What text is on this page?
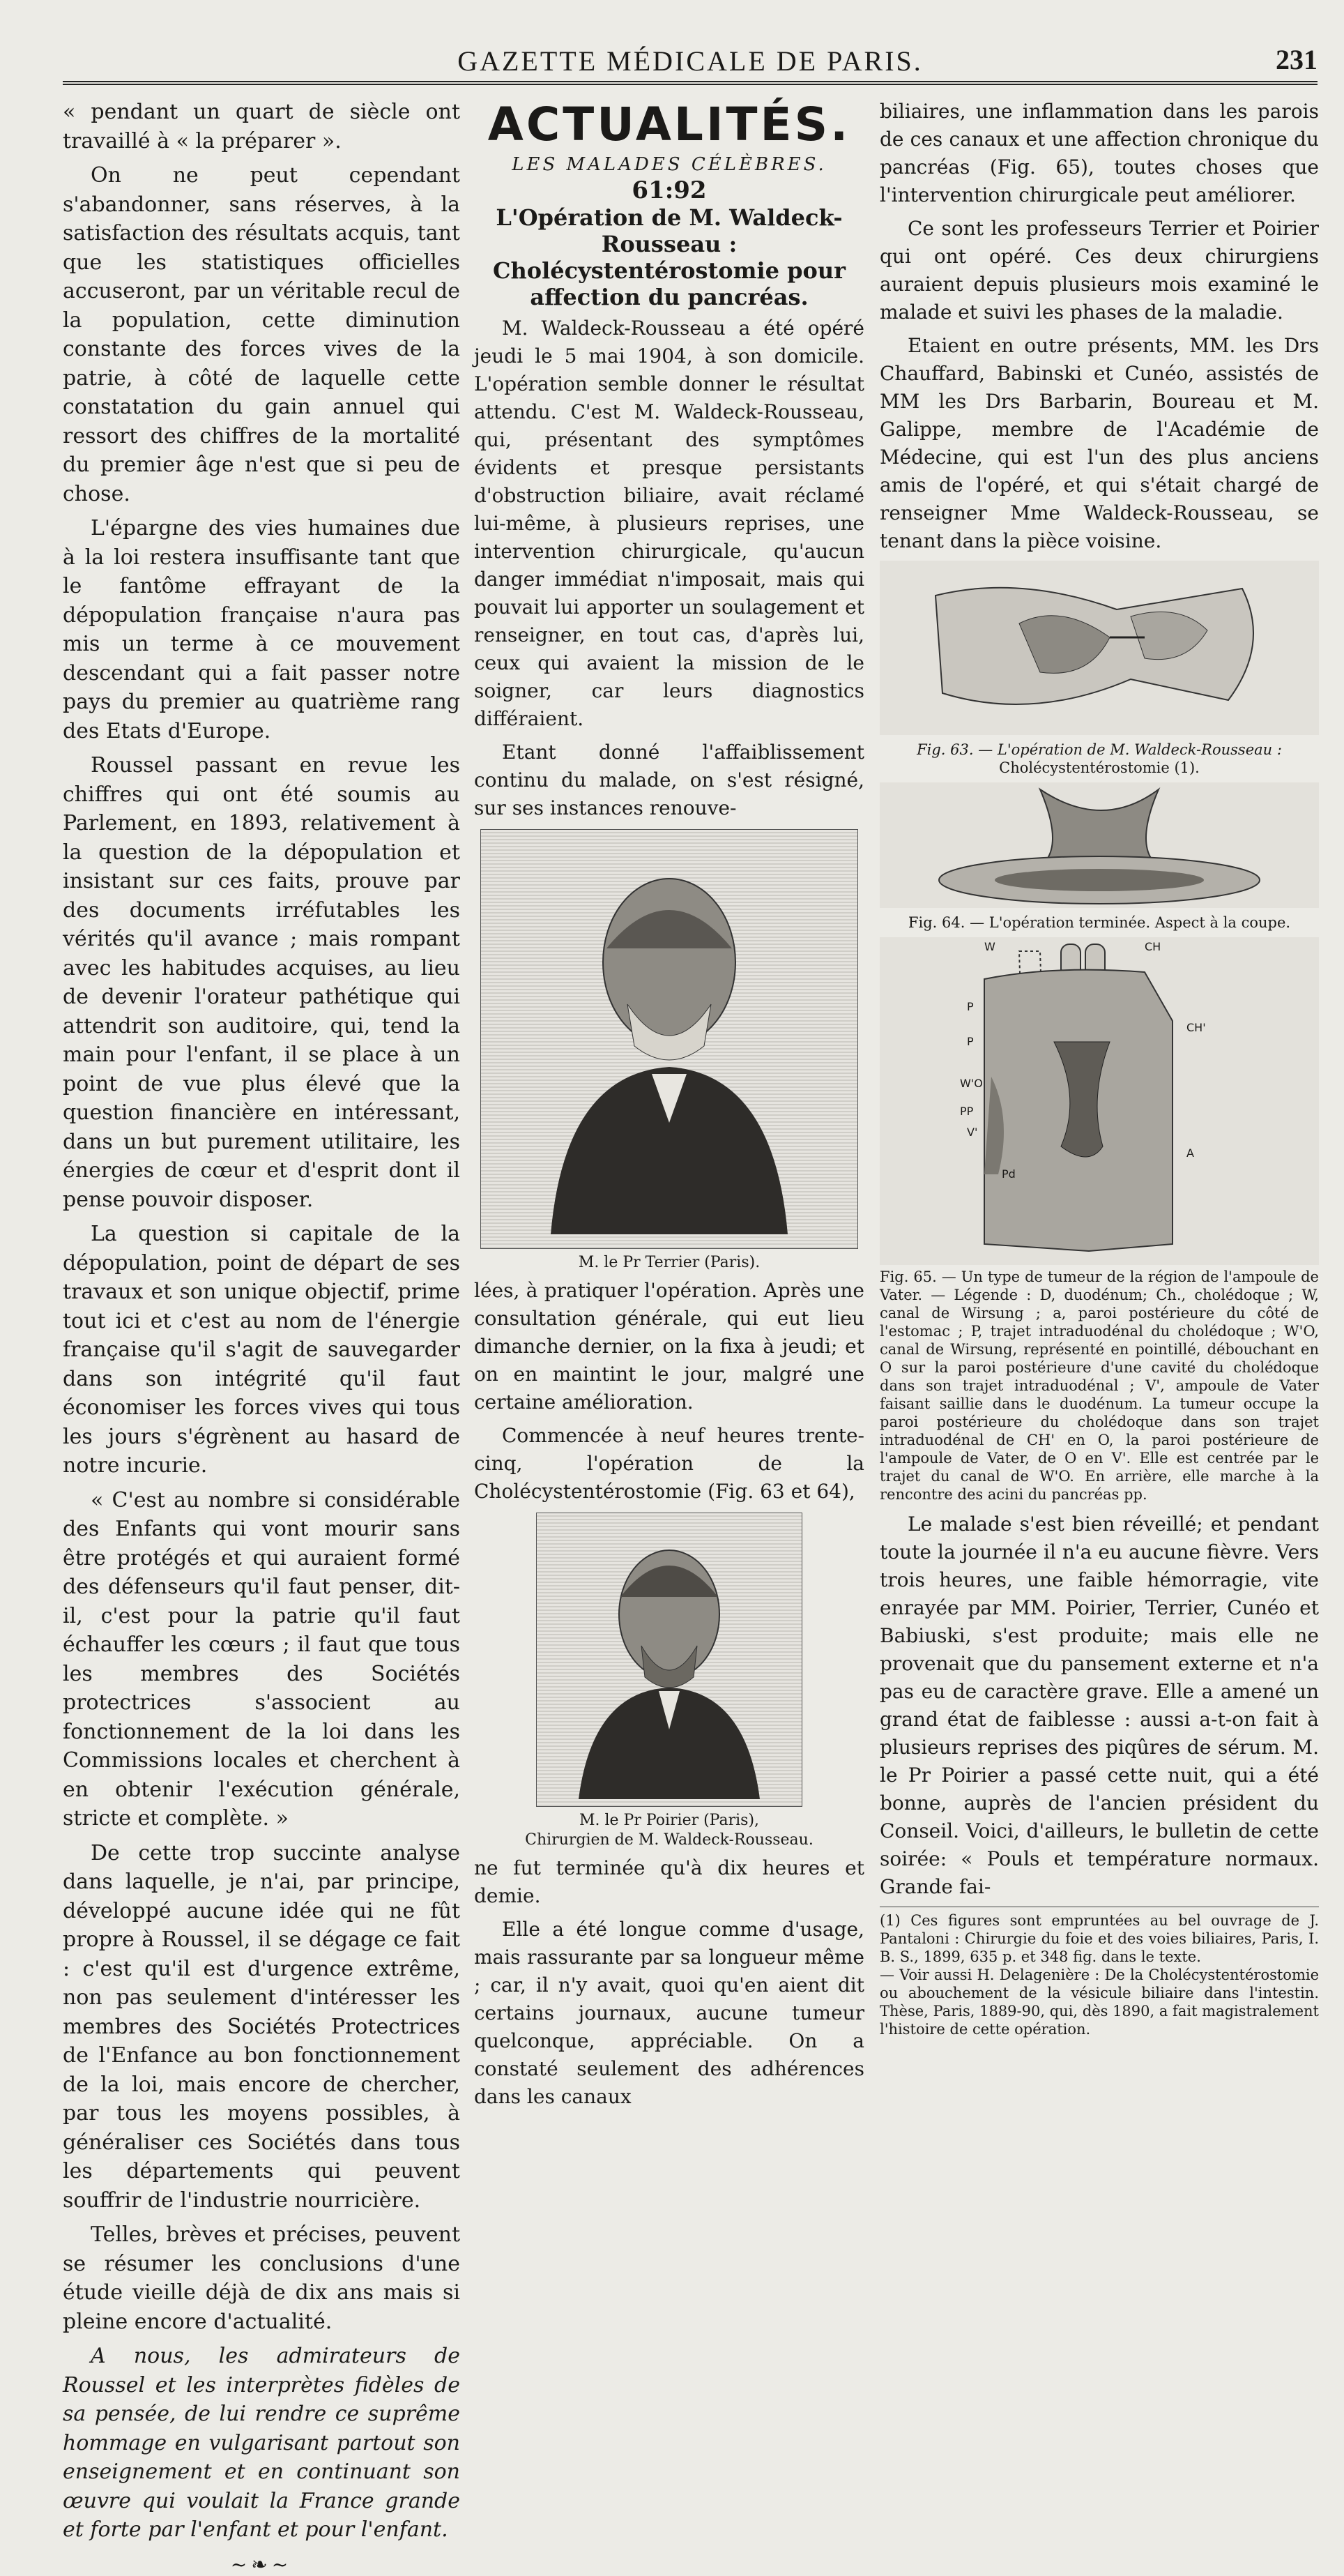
GAZETTE MÉDICALE DE PARIS.	231

« pendant un quart de siècle ont travaillé à « la préparer ».

On ne peut cependant s'abandonner, sans réserves, à la satisfaction des résultats acquis, tant que les statistiques officielles accuseront, par un véritable recul de la population, cette diminution constante des forces vives de la patrie, à côté de laquelle cette constatation du gain annuel qui ressort des chiffres de la mortalité du premier âge n'est que si peu de chose.

L'épargne des vies humaines due à la loi restera insuffisante tant que le fantôme effrayant de la dépopulation française n'aura pas mis un terme à ce mouvement descendant qui a fait passer notre pays du premier au quatrième rang des Etats d'Europe.

Roussel passant en revue les chiffres qui ont été soumis au Parlement, en 1893, relativement à la question de la dépopulation et insistant sur ces faits, prouve par des documents irréfutables les vérités qu'il avance ; mais rompant avec les habitudes acquises, au lieu de devenir l'orateur pathétique qui attendrit son auditoire, qui, tend la main pour l'enfant, il se place à un point de vue plus élevé que la question financière en intéressant, dans un but purement utilitaire, les énergies de cœur et d'esprit dont il pense pouvoir disposer.

La question si capitale de la dépopulation, point de départ de ses travaux et son unique objectif, prime tout ici et c'est au nom de l'énergie française qu'il s'agit de sauvegarder dans son intégrité qu'il faut économiser les forces vives qui tous les jours s'égrènent au hasard de notre incurie.

« C'est au nombre si considérable des Enfants qui vont mourir sans être protégés et qui auraient formé des défenseurs qu'il faut penser, dit-il, c'est pour la patrie qu'il faut échauffer les cœurs ; il faut que tous les membres des Sociétés protectrices s'associent au fonctionnement de la loi dans les Commissions locales et cherchent à en obtenir l'exécution générale, stricte et complète. »

De cette trop succinte analyse dans laquelle, je n'ai, par principe, développé aucune idée qui ne fût propre à Roussel, il se dégage ce fait : c'est qu'il est d'urgence extrême, non pas seulement d'intéresser les membres des Sociétés Protectrices de l'Enfance au bon fonctionnement de la loi, mais encore de chercher, par tous les moyens possibles, à généraliser ces Sociétés dans tous les départements qui peuvent souffrir de l'industrie nourricière.

Telles, brèves et précises, peuvent se résumer les conclusions d'une étude vieille déjà de dix ans mais si pleine encore d'actualité.

A nous, les admirateurs de Roussel et les interprètes fidèles de sa pensée, de lui rendre ce suprême hommage en vulgarisant partout son enseignement et en continuant son œuvre qui voulait la France grande et forte par l'enfant et pour l'enfant.

~❧~
ACTUALITÉS.
LES MALADES CÉLÈBRES.
61:92
L'Opération de M. Waldeck-Rousseau : Cholécystentérostomie pour affection du pancréas.

M. Waldeck-Rousseau a été opéré jeudi le 5 mai 1904, à son domicile. L'opération semble donner le résultat attendu. C'est M. Waldeck-Rousseau, qui, présentant des symptômes évidents et presque persistants d'obstruction biliaire, avait réclamé lui-même, à plusieurs reprises, une intervention chirurgicale, qu'aucun danger immédiat n'imposait, mais qui pouvait lui apporter un soulagement et renseigner, en tout cas, d'après lui, ceux qui avaient la mission de le soigner, car leurs diagnostics différaient.

Etant donné l'affaiblissement continu du malade, on s'est résigné, sur ses instances renouve-

M. le Pr Terrier (Paris).

lées, à pratiquer l'opération. Après une consultation générale, qui eut lieu dimanche dernier, on la fixa à jeudi; et on en maintint le jour, malgré une certaine amélioration.

Commencée à neuf heures trente-cinq, l'opération de la Cholécystentérostomie (Fig. 63 et 64),

M. le Pr Poirier (Paris),
Chirurgien de M. Waldeck-Rousseau.

ne fut terminée qu'à dix heures et demie.

Elle a été longue comme d'usage, mais rassurante par sa longueur même ; car, il n'y avait, quoi qu'en aient dit certains journaux, aucune tumeur quelconque, appréciable. On a constaté seulement des adhérences dans les canaux

biliaires, une inflammation dans les parois de ces canaux et une affection chronique du pancréas (Fig. 65), toutes choses que l'intervention chirurgicale peut améliorer.

Ce sont les professeurs Terrier et Poirier qui ont opéré. Ces deux chirurgiens auraient depuis plusieurs mois examiné le malade et suivi les phases de la maladie.

Etaient en outre présents, MM. les Drs Chauffard, Babinski et Cunéo, assistés de MM les Drs Barbarin, Boureau et M. Galippe, membre de l'Académie de Médecine, qui est l'un des plus anciens amis de l'opéré, et qui s'était chargé de renseigner Mme Waldeck-Rousseau, se tenant dans la pièce voisine.

Fig. 63. — L'opération de M. Waldeck-Rousseau :
Cholécystentérostomie (1).
Fig. 64. — L'opération terminée. Aspect à la coupe.
W	CH
P
CH'
P
W'O
PP
V'
Pd
A
Fig. 65. — Un type de tumeur de la région de l'ampoule de Vater. — Légende : D, duodénum; Ch., cholédoque ; W, canal de Wirsung ; a, paroi postérieure du côté de l'estomac ; P, trajet intraduodénal du cholédoque ; W'O, canal de Wirsung, représenté en pointillé, débouchant en O sur la paroi postérieure d'une cavité du cholédoque dans son trajet intraduodénal ; V', ampoule de Vater faisant saillie dans le duodénum. La tumeur occupe la paroi postérieure du cholédoque dans son trajet intraduodénal de CH' en O, la paroi postérieure de l'ampoule de Vater, de O en V'. Elle est centrée par le trajet du canal de W'O. En arrière, elle marche à la rencontre des acini du pancréas pp.

Le malade s'est bien réveillé; et pendant toute la journée il n'a eu aucune fièvre. Vers trois heures, une faible hémorragie, vite enrayée par MM. Poirier, Terrier, Cunéo et Babiuski, s'est produite; mais elle ne provenait que du pansement externe et n'a pas eu de caractère grave. Elle a amené un grand état de faiblesse : aussi a-t-on fait à plusieurs reprises des piqûres de sérum. M. le Pr Poirier a passé cette nuit, qui a été bonne, auprès de l'ancien président du Conseil. Voici, d'ailleurs, le bulletin de cette soirée: « Pouls et température normaux. Grande fai-

(1) Ces figures sont empruntées au bel ouvrage de J. Pantaloni : Chirurgie du foie et des voies biliaires, Paris, I. B. S., 1899, 635 p. et 348 fig. dans le texte.
— Voir aussi H. Delagenière : De la Cholécystentérostomie ou abouchement de la vésicule biliaire dans l'intestin. Thèse, Paris, 1889-90, qui, dès 1890, a fait magistralement l'histoire de cette opération.
